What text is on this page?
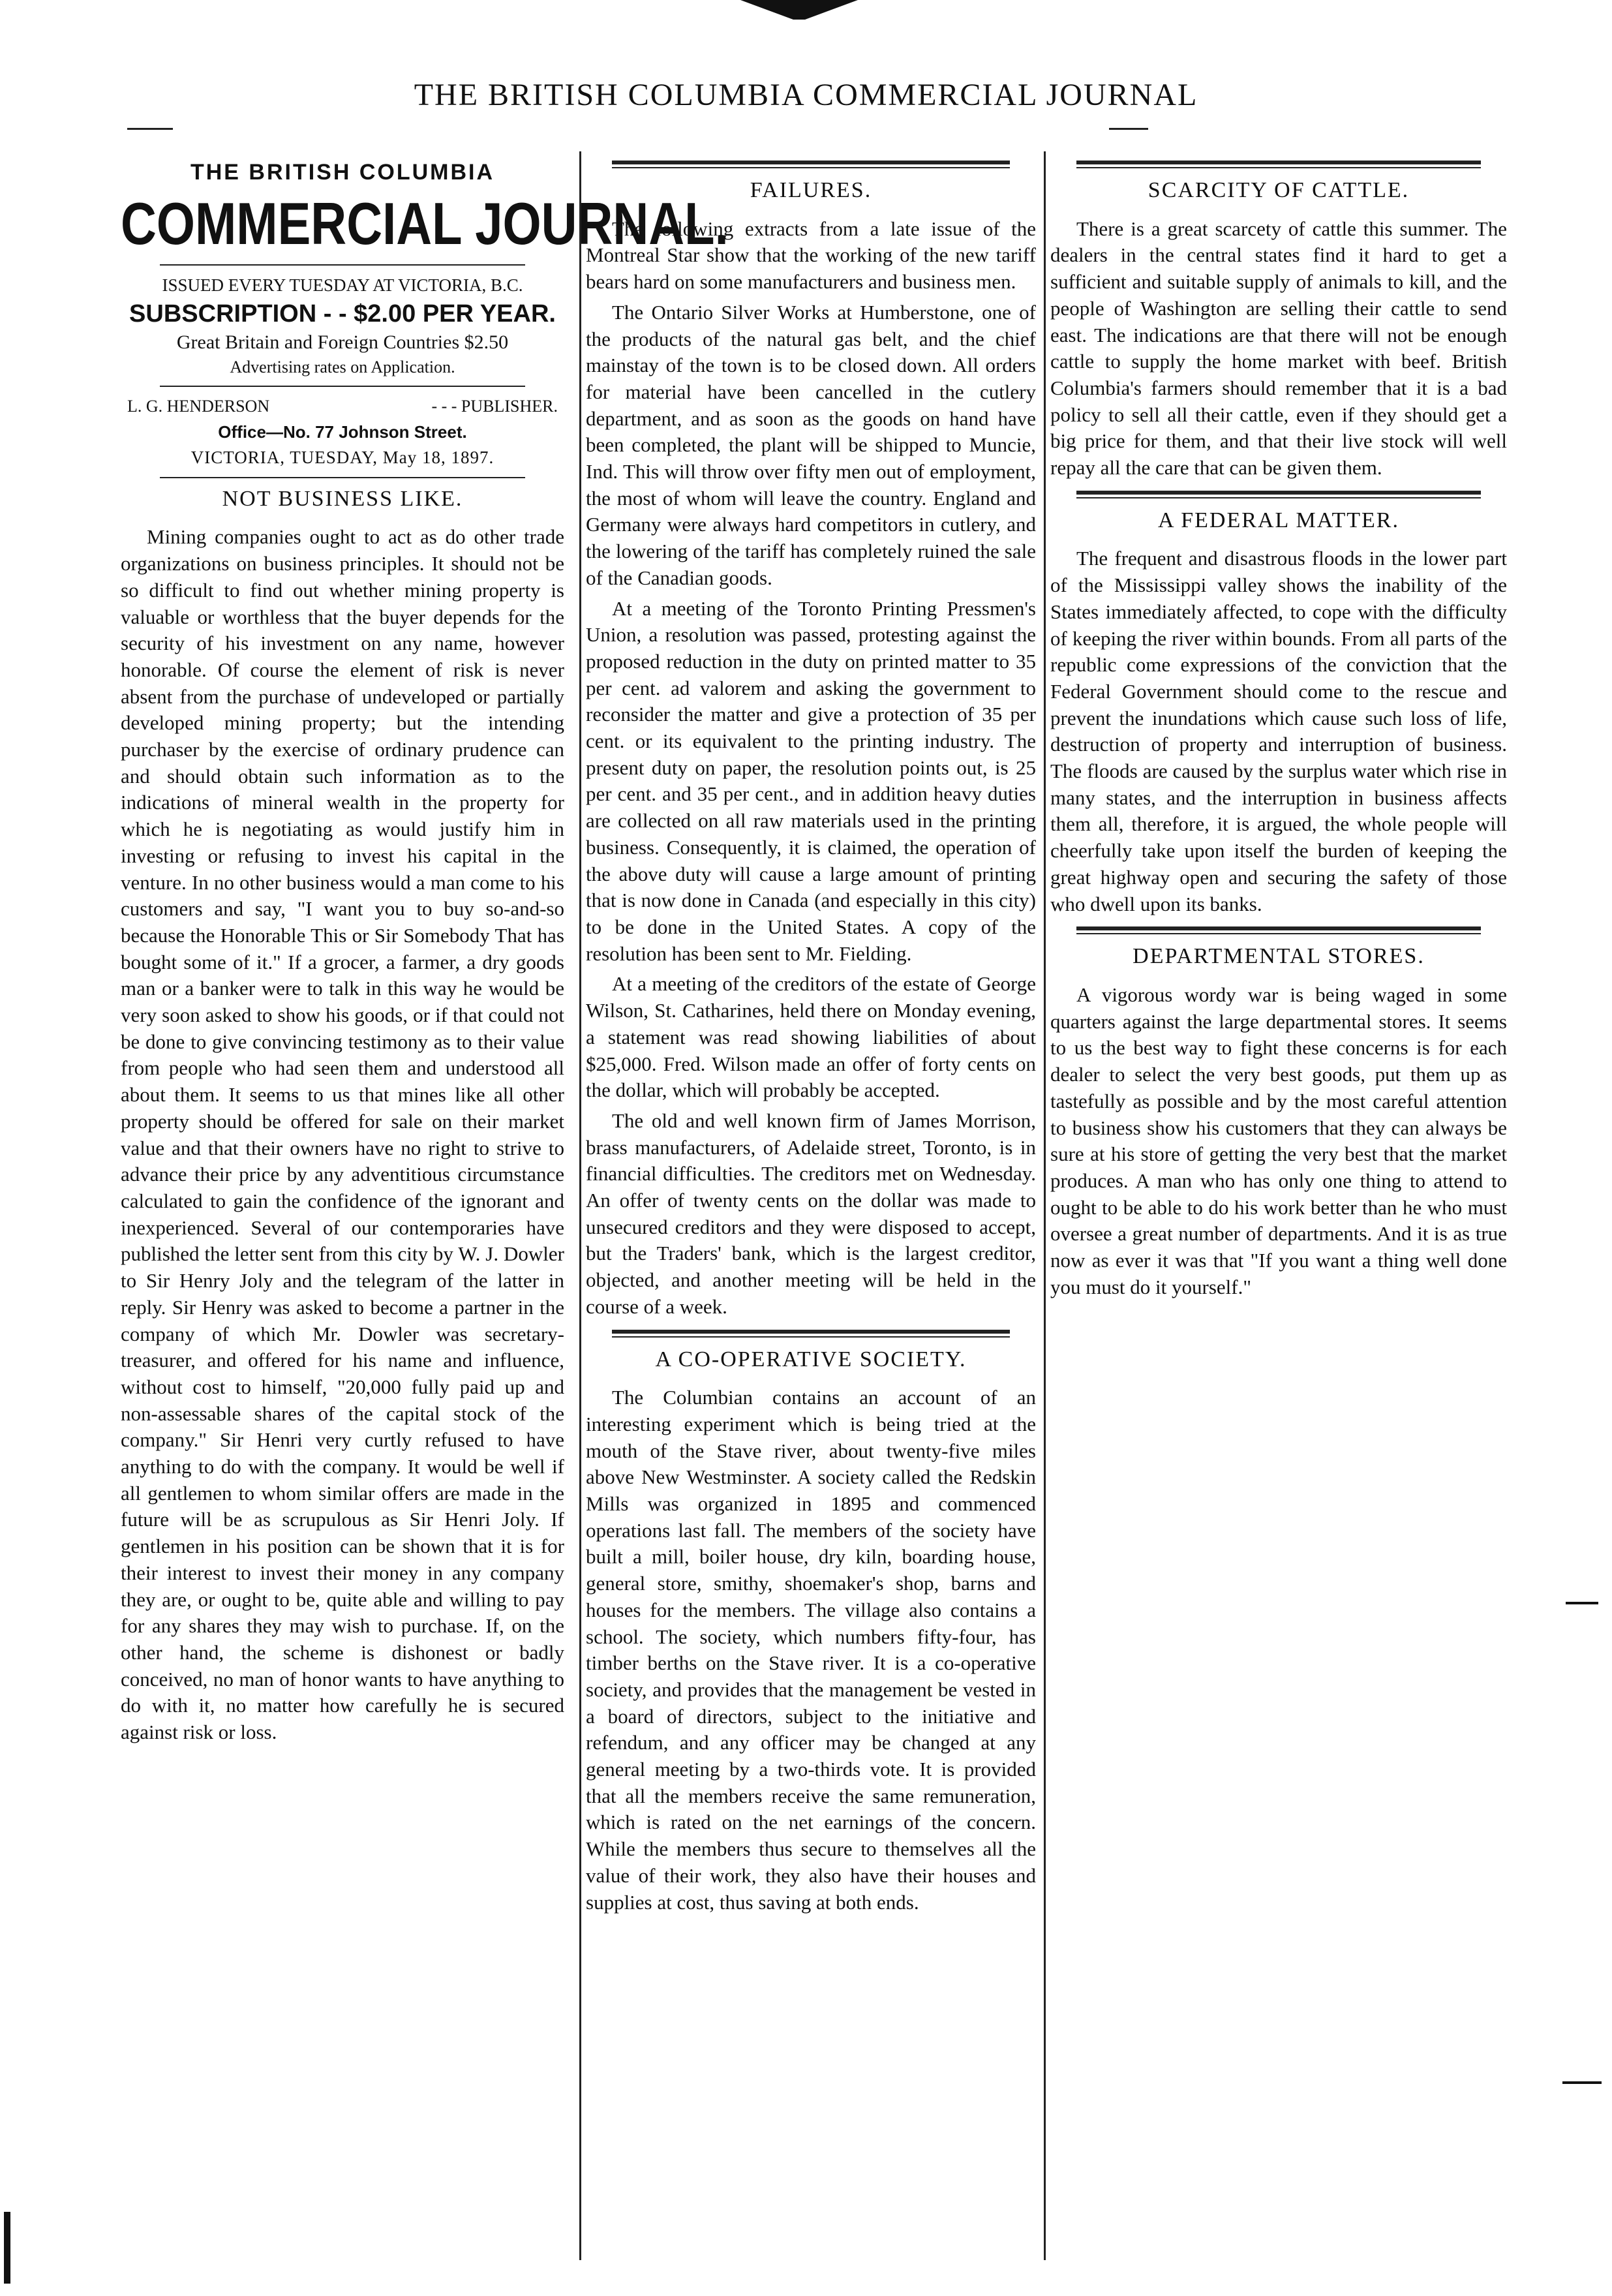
THE BRITISH COLUMBIA COMMERCIAL JOURNAL
THE BRITISH COLUMBIA
COMMERCIAL JOURNAL.
ISSUED EVERY TUESDAY AT VICTORIA, B.C.
SUBSCRIPTION - - $2.00 PER YEAR.
Great Britain and Foreign Countries $2.50
Advertising rates on Application.
L. G. HENDERSON	- - - PUBLISHER.
Office—No. 77 Johnson Street.
VICTORIA, TUESDAY, May 18, 1897.
NOT BUSINESS LIKE.

Mining companies ought to act as do other trade organizations on business principles. It should not be so difficult to find out whether mining property is valuable or worthless that the buyer depends for the security of his investment on any name, however honorable. Of course the element of risk is never absent from the purchase of undeveloped or partially developed mining property; but the intending purchaser by the exercise of ordinary prudence can and should obtain such information as to the indications of mineral wealth in the property for which he is negotiating as would justify him in investing or refusing to invest his capital in the venture. In no other business would a man come to his customers and say, "I want you to buy so-and-so because the Honorable This or Sir Somebody That has bought some of it." If a grocer, a farmer, a dry goods man or a banker were to talk in this way he would be very soon asked to show his goods, or if that could not be done to give convincing testimony as to their value from people who had seen them and understood all about them. It seems to us that mines like all other property should be offered for sale on their market value and that their owners have no right to strive to advance their price by any adventitious circumstance calculated to gain the confidence of the ignorant and inexperienced. Several of our contemporaries have published the letter sent from this city by W. J. Dowler to Sir Henry Joly and the telegram of the latter in reply. Sir Henry was asked to become a partner in the company of which Mr. Dowler was secretary-treasurer, and offered for his name and influence, without cost to himself, "20,000 fully paid up and non-assessable shares of the capital stock of the company." Sir Henri very curtly refused to have anything to do with the company. It would be well if all gentlemen to whom similar offers are made in the future will be as scrupulous as Sir Henri Joly. If gentlemen in his position can be shown that it is for their interest to invest their money in any company they are, or ought to be, quite able and willing to pay for any shares they may wish to purchase. If, on the other hand, the scheme is dishonest or badly conceived, no man of honor wants to have anything to do with it, no matter how carefully he is secured against risk or loss.

FAILURES.

The following extracts from a late issue of the Montreal Star show that the working of the new tariff bears hard on some manufacturers and business men.

The Ontario Silver Works at Humberstone, one of the products of the natural gas belt, and the chief mainstay of the town is to be closed down. All orders for material have been cancelled in the cutlery department, and as soon as the goods on hand have been completed, the plant will be shipped to Muncie, Ind. This will throw over fifty men out of employment, the most of whom will leave the country. England and Germany were always hard competitors in cutlery, and the lowering of the tariff has completely ruined the sale of the Canadian goods.

At a meeting of the Toronto Printing Pressmen's Union, a resolution was passed, protesting against the proposed reduction in the duty on printed matter to 35 per cent. ad valorem and asking the government to reconsider the matter and give a protection of 35 per cent. or its equivalent to the printing industry. The present duty on paper, the resolution points out, is 25 per cent. and 35 per cent., and in addition heavy duties are collected on all raw materials used in the printing business. Consequently, it is claimed, the operation of the above duty will cause a large amount of printing that is now done in Canada (and especially in this city) to be done in the United States. A copy of the resolution has been sent to Mr. Fielding.

At a meeting of the creditors of the estate of George Wilson, St. Catharines, held there on Monday evening, a statement was read showing liabilities of about $25,000. Fred. Wilson made an offer of forty cents on the dollar, which will probably be accepted.

The old and well known firm of James Morrison, brass manufacturers, of Adelaide street, Toronto, is in financial difficulties. The creditors met on Wednesday. An offer of twenty cents on the dollar was made to unsecured creditors and they were disposed to accept, but the Traders' bank, which is the largest creditor, objected, and another meeting will be held in the course of a week.

A CO-OPERATIVE SOCIETY.

The Columbian contains an account of an interesting experiment which is being tried at the mouth of the Stave river, about twenty-five miles above New Westminster. A society called the Redskin Mills was organized in 1895 and commenced operations last fall. The members of the society have built a mill, boiler house, dry kiln, boarding house, general store, smithy, shoemaker's shop, barns and houses for the members. The village also contains a school. The society, which numbers fifty-four, has timber berths on the Stave river. It is a co-operative society, and provides that the management be vested in a board of directors, subject to the initiative and refendum, and any officer may be changed at any general meeting by a two-thirds vote. It is provided that all the members receive the same remuneration, which is rated on the net earnings of the concern. While the members thus secure to themselves all the value of their work, they also have their houses and supplies at cost, thus saving at both ends.

SCARCITY OF CATTLE.

There is a great scarcety of cattle this summer. The dealers in the central states find it hard to get a sufficient and suitable supply of animals to kill, and the people of Washington are selling their cattle to send east. The indications are that there will not be enough cattle to supply the home market with beef. British Columbia's farmers should remember that it is a bad policy to sell all their cattle, even if they should get a big price for them, and that their live stock will well repay all the care that can be given them.

A FEDERAL MATTER.

The frequent and disastrous floods in the lower part of the Mississippi valley shows the inability of the States immediately affected, to cope with the difficulty of keeping the river within bounds. From all parts of the republic come expressions of the conviction that the Federal Government should come to the rescue and prevent the inundations which cause such loss of life, destruction of property and interruption of business. The floods are caused by the surplus water which rise in many states, and the interruption in business affects them all, therefore, it is argued, the whole people will cheerfully take upon itself the burden of keeping the great highway open and securing the safety of those who dwell upon its banks.

DEPARTMENTAL STORES.

A vigorous wordy war is being waged in some quarters against the large departmental stores. It seems to us the best way to fight these concerns is for each dealer to select the very best goods, put them up as tastefully as possible and by the most careful attention to business show his customers that they can always be sure at his store of getting the very best that the market produces. A man who has only one thing to attend to ought to be able to do his work better than he who must oversee a great number of departments. And it is as true now as ever it was that "If you want a thing well done you must do it yourself."
